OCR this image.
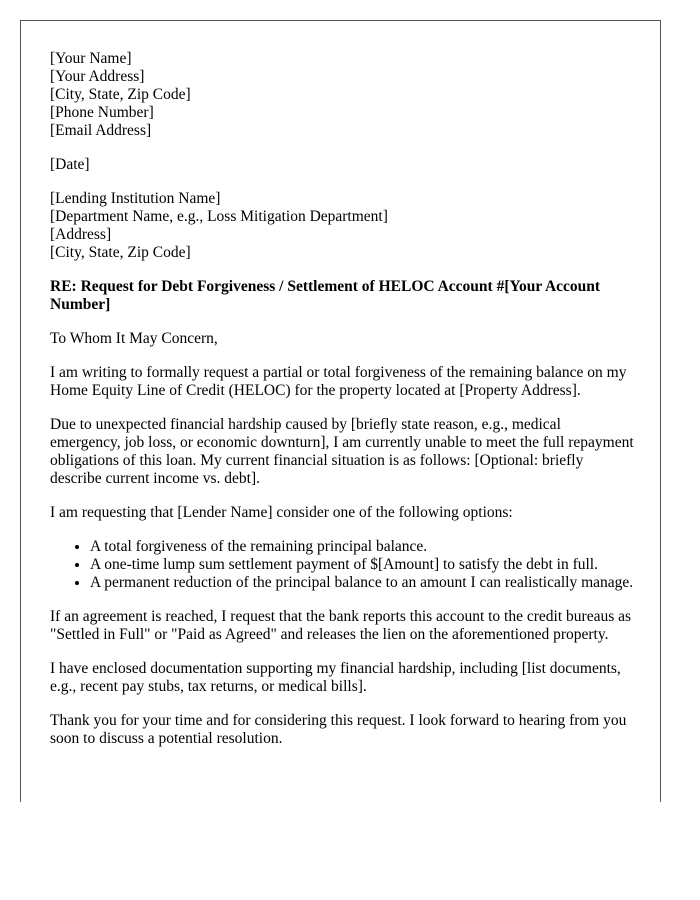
[Your Name]
[Your Address]
[City, State, Zip Code]
[Phone Number]
[Email Address]
[Date]
[Lending Institution Name]
[Department Name, e.g., Loss Mitigation Department]
[Address]
[City, State, Zip Code]

RE: Request for Debt Forgiveness / Settlement of HELOC Account #[Your Account Number]

To Whom It May Concern,

I am writing to formally request a partial or total forgiveness of the remaining balance on my Home Equity Line of Credit (HELOC) for the property located at [Property Address].

Due to unexpected financial hardship caused by [briefly state reason, e.g., medical emergency, job loss, or economic downturn], I am currently unable to meet the full repayment obligations of this loan. My current financial situation is as follows: [Optional: briefly describe current income vs. debt].

I am requesting that [Lender Name] consider one of the following options:

• A total forgiveness of the remaining principal balance.
• A one-time lump sum settlement payment of $[Amount] to satisfy the debt in full.
• A permanent reduction of the principal balance to an amount I can realistically manage.

If an agreement is reached, I request that the bank reports this account to the credit bureaus as "Settled in Full" or "Paid as Agreed" and releases the lien on the aforementioned property.

I have enclosed documentation supporting my financial hardship, including [list documents, e.g., recent pay stubs, tax returns, or medical bills].

Thank you for your time and for considering this request. I look forward to hearing from you soon to discuss a potential resolution.
